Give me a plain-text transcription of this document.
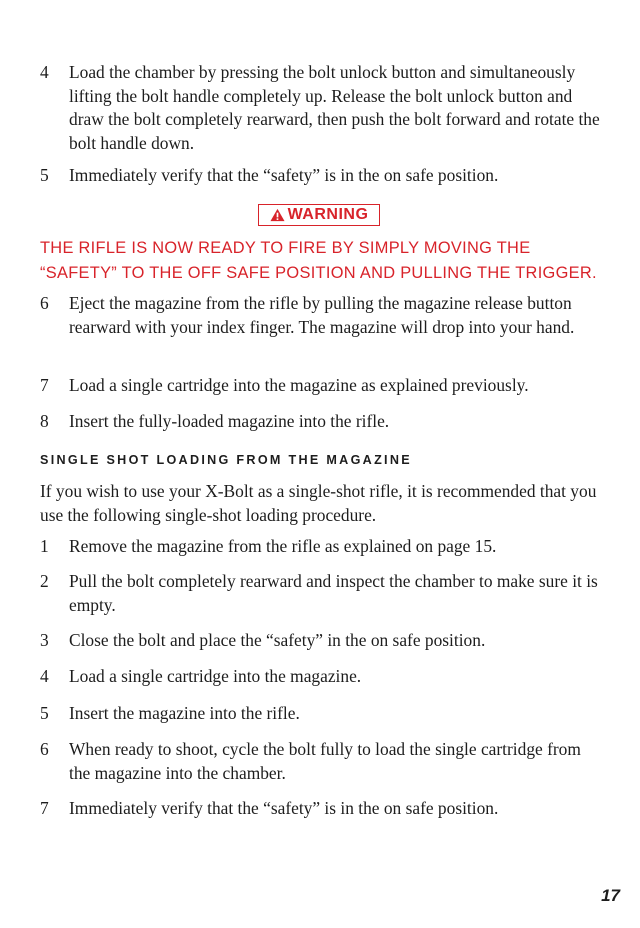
4	Load the chamber by pressing the bolt unlock button and simultaneously lifting the bolt handle completely up. Release the bolt unlock button and draw the bolt completely rearward, then push the bolt forward and rotate the bolt handle down.
5	Immediately verify that the “safety” is in the on safe position.
WARNING
THE RIFLE IS NOW READY TO FIRE BY SIMPLY MOVING THE “SAFETY” TO THE OFF SAFE POSITION AND PULLING THE TRIGGER.
6	Eject the magazine from the rifle by pulling the magazine release button rearward with your index finger. The magazine will drop into your hand.
7	Load a single cartridge into the magazine as explained previously.
8	Insert the fully-loaded magazine into the rifle.
SINGLE SHOT LOADING FROM THE MAGAZINE
If you wish to use your X-Bolt as a single-shot rifle, it is recommended that you use the following single-shot loading procedure.
1	Remove the magazine from the rifle as explained on page 15.
2	Pull the bolt completely rearward and inspect the chamber to make sure it is empty.
3	Close the bolt and place the “safety” in the on safe position.
4	Load a single cartridge into the magazine.
5	Insert the magazine into the rifle.
6	When ready to shoot, cycle the bolt fully to load the single cartridge from the magazine into the chamber.
7	Immediately verify that the “safety” is in the on safe position.
17
